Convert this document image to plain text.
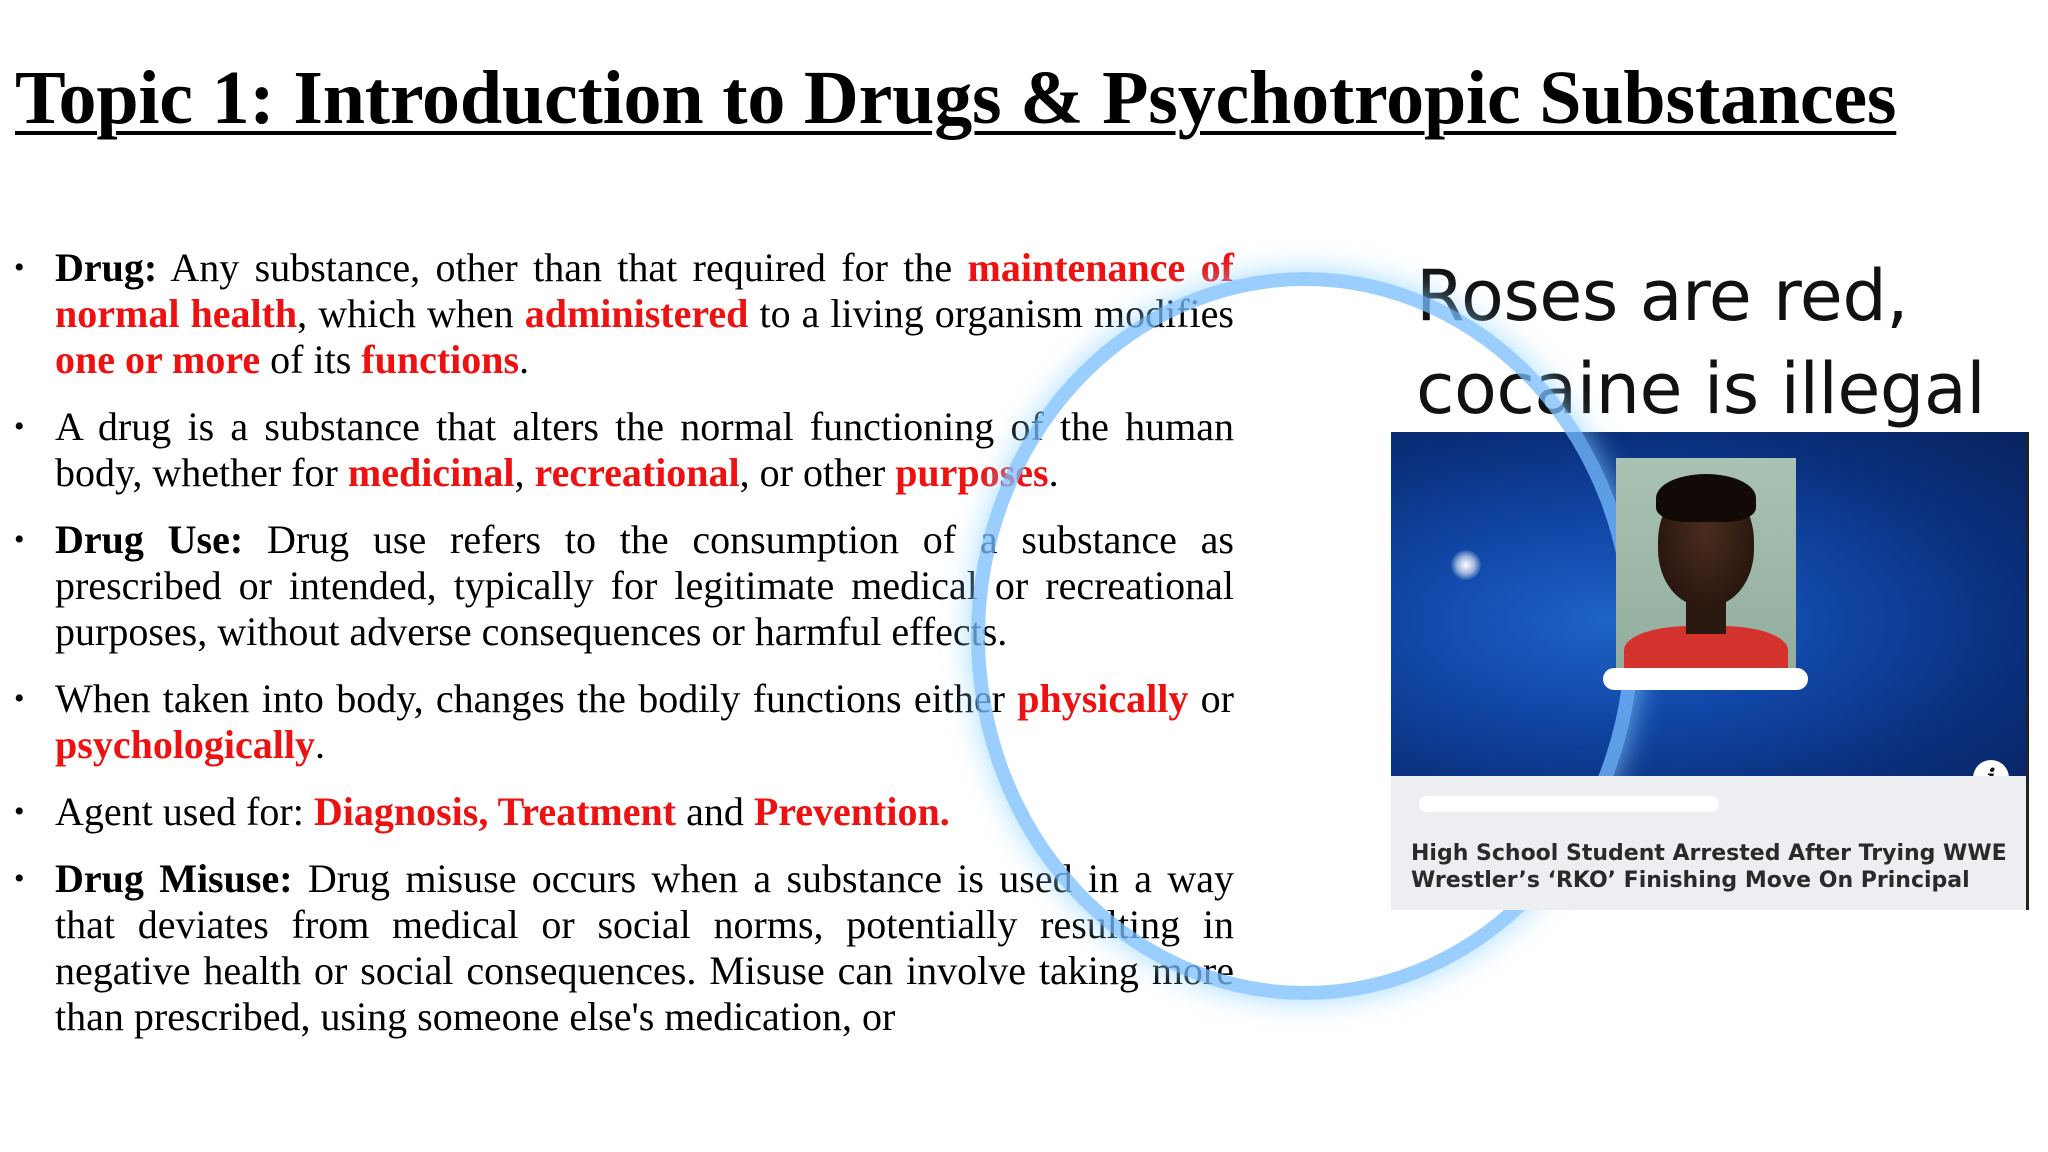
Topic 1: Introduction to Drugs & Psychotropic Substances
• Drug: Any substance, other than that required for the maintenance of normal health, which when administered to a living organism modifies one or more of its functions.
• A drug is a substance that alters the normal functioning of the human body, whether for medicinal, recreational, or other purposes.
• Drug Use: Drug use refers to the consumption of a substance as prescribed or intended, typically for legitimate medical or recreational purposes, without adverse consequences or harmful effects.
• When taken into body, changes the bodily functions either physically or psychologically.
• Agent used for: Diagnosis, Treatment and Prevention.
• Drug Misuse: Drug misuse occurs when a substance is used in a way that deviates from medical or social norms, potentially resulting in negative health or social consequences. Misuse can involve taking more than prescribed, using someone else's medication, or
Roses are red,
cocaine is illegal
High School Student Arrested After Trying WWE
Wrestler’s ‘RKO’ Finishing Move On Principal
